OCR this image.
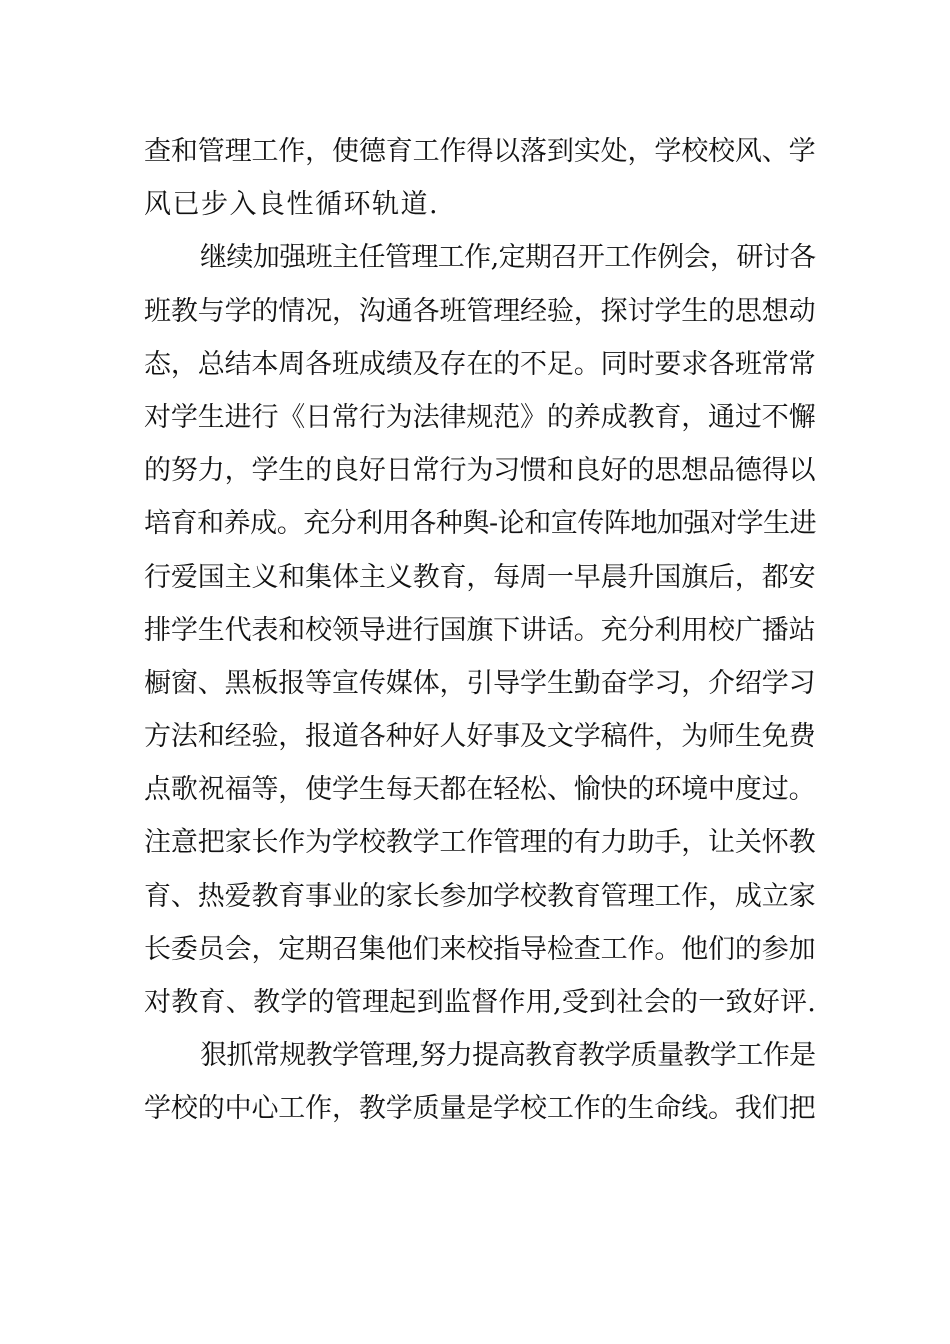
查和管理工作，使德育工作得以落到实处，学校校风、学

风已步入良性循环轨道.

继续加强班主任管理工作,定期召开工作例会，研讨各

班教与学的情况，沟通各班管理经验，探讨学生的思想动

态，总结本周各班成绩及存在的不足。同时要求各班常常

对学生进行《日常行为法律规范》的养成教育，通过不懈

的努力，学生的良好日常行为习惯和良好的思想品德得以

培育和养成。充分利用各种舆-论和宣传阵地加强对学生进

行爱国主义和集体主义教育，每周一早晨升国旗后，都安

排学生代表和校领导进行国旗下讲话。充分利用校广播站

橱窗、黑板报等宣传媒体，引导学生勤奋学习，介绍学习

方法和经验，报道各种好人好事及文学稿件，为师生免费

点歌祝福等，使学生每天都在轻松、愉快的环境中度过。

注意把家长作为学校教学工作管理的有力助手，让关怀教

育、热爱教育事业的家长参加学校教育管理工作，成立家

长委员会，定期召集他们来校指导检查工作。他们的参加

对教育、教学的管理起到监督作用,受到社会的一致好评.

狠抓常规教学管理,努力提高教育教学质量教学工作是

学校的中心工作，教学质量是学校工作的生命线。我们把
